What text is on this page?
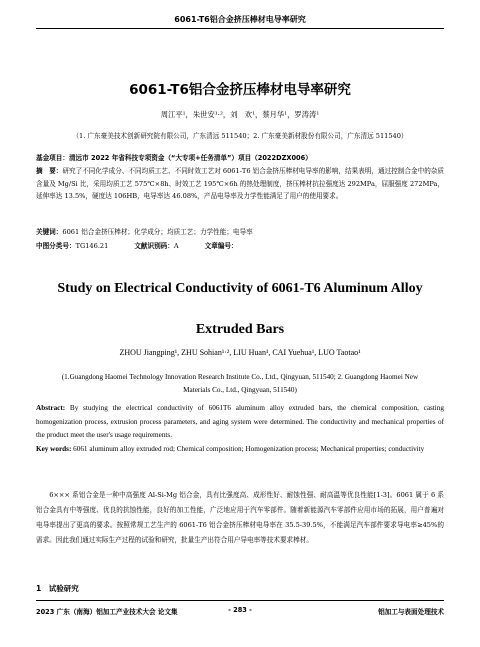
6061-T6铝合金挤压棒材电导率研究
6061-T6铝合金挤压棒材电导率研究
周江平¹，朱世安¹·²，刘　欢¹，蔡月华¹，罗涛涛¹
（1. 广东豪美技术创新研究院有限公司，广东清远 511540；2. 广东豪美新材股份有限公司，广东清远 511540）
基金项目：清远市 2022 年省科技专项资金（“大专项+任务清单”）项目（2022DZX006）
摘　要：研究了不同化学成分、不同均质工艺、不同时效工艺对 6061-T6 铝合金挤压棒材电导率的影响，结果表明，通过控制合金中的杂质含量及 Mg/Si 比，采用均质工艺 575℃×8h、时效工艺 195℃×6h 的热处理制度，挤压棒材抗拉强度达 292MPa，屈服强度 272MPa，延伸率达 13.5%，硬度达 106HB，电导率达 46.08%，产品电导率及力学性能满足了用户的使用要求。
关键词：6061 铝合金挤压棒材；化学成分；均质工艺；力学性能；电导率
中图分类号：TG146.21	文献识别码：A	文章编号：
Study on Electrical Conductivity of 6061-T6 Aluminum Alloy
Extruded Bars
ZHOU Jiangping¹, ZHU Sohian¹·², LIU Huan¹, CAI Yuehua¹, LUO Taotao¹
(1.Guangdong Haomei Technology Innovation Research Institute Co., Ltd., Qingyuan, 511540; 2. Guangdong Haomei New Materials Co., Ltd., Qingyuan, 511540)
Abstract: By studying the electrical conductivity of 6061T6 aluminum alloy extruded bars, the chemical composition, casting homogenization process, extrusion process parameters, and aging system were determined. The conductivity and mechanical properties of the product meet the user's usage requirements.
Key words: 6061 aluminum alloy extruded rod; Chemical composition; Homogenization process; Mechanical properties; conductivity
6××× 系铝合金是一种中高强度 Al-Si-Mg 铝合金，具有比强度高、成形性好、耐蚀性强、耐高温等优良性能[1-3]。6061 属于 6 系铝合金具有中等强度、优良的抗蚀性能，良好的加工性能，广泛地应用于汽车零部件。随着新能源汽车零部件应用市场的拓展，用户普遍对电导率提出了更高的要求。按照常规工艺生产的 6061-T6 铝合金挤压棒材电导率在 35.5-39.5%，不能满足汽车部件要求导电率≥45%的需求。因此我们通过实际生产过程的试验和研究，批量生产出符合用户导电率等技术要求棒材。
1　试验研究
2023 广东（南海）铝加工产业技术大会 论文集	- 283 -	铝加工与表面处理技术
